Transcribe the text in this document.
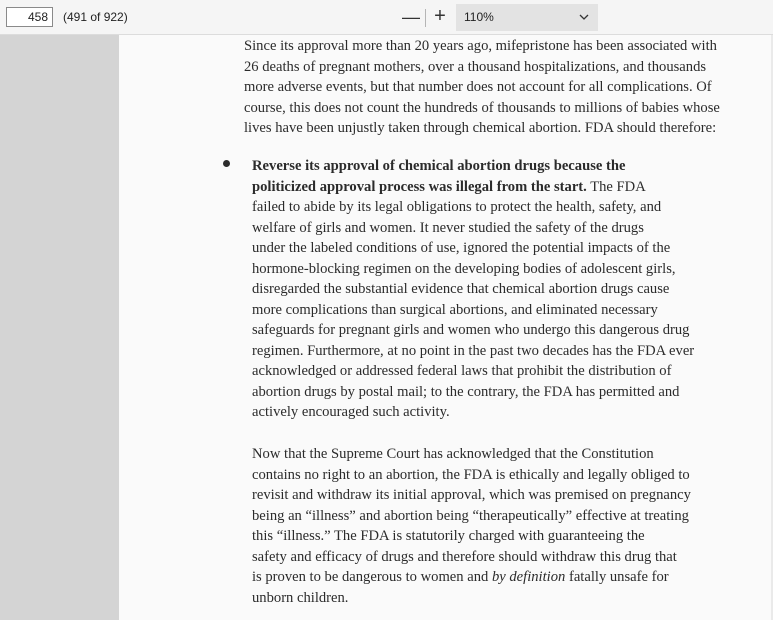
458	(491 of 922)	— +	110%

Since its approval more than 20 years ago, mifepristone has been associated with
26 deaths of pregnant mothers, over a thousand hospitalizations, and thousands
more adverse events, but that number does not account for all complications. Of
course, this does not count the hundreds of thousands to millions of babies whose
lives have been unjustly taken through chemical abortion. FDA should therefore:

Reverse its approval of chemical abortion drugs because the
politicized approval process was illegal from the start. The FDA
failed to abide by its legal obligations to protect the health, safety, and
welfare of girls and women. It never studied the safety of the drugs
under the labeled conditions of use, ignored the potential impacts of the
hormone-blocking regimen on the developing bodies of adolescent girls,
disregarded the substantial evidence that chemical abortion drugs cause
more complications than surgical abortions, and eliminated necessary
safeguards for pregnant girls and women who undergo this dangerous drug
regimen. Furthermore, at no point in the past two decades has the FDA ever
acknowledged or addressed federal laws that prohibit the distribution of
abortion drugs by postal mail; to the contrary, the FDA has permitted and
actively encouraged such activity.

Now that the Supreme Court has acknowledged that the Constitution
contains no right to an abortion, the FDA is ethically and legally obliged to
revisit and withdraw its initial approval, which was premised on pregnancy
being an “illness” and abortion being “therapeutically” effective at treating
this “illness.” The FDA is statutorily charged with guaranteeing the
safety and efficacy of drugs and therefore should withdraw this drug that
is proven to be dangerous to women and by definition fatally unsafe for
unborn children.
